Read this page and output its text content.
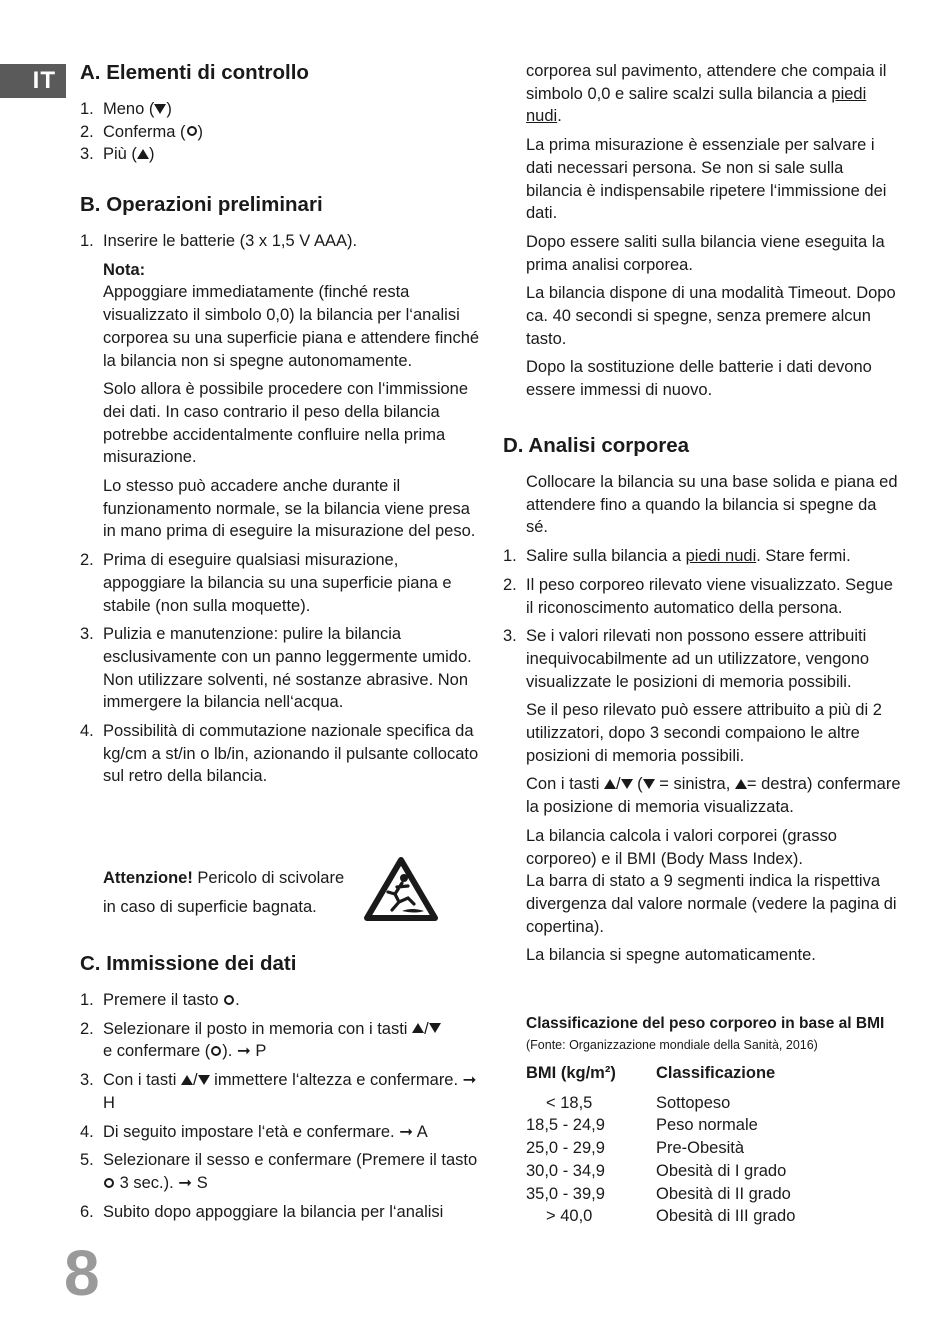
IT
8
A. Elementi di controllo
1. Meno ( )
2. Conferma ( )
3. Più ( )
B. Operazioni preliminari
1. Inserire le batterie (3 x 1,5 V AAA).

Nota:

Appoggiare immediatamente (finché resta visualizzato il simbolo 0,0) la bilancia per l‘analisi corporea su una superficie piana e attendere finché la bilancia non si spegne autonomamente.

Solo allora è possibile procedere con l‘immissione dei dati. In caso contrario il peso della bilancia potrebbe accidentalmente confluire nella prima misurazione.

Lo stesso può accadere anche durante il funzionamento normale, se la bilancia viene presa in mano prima di eseguire la misurazione del peso.

2. Prima di eseguire qualsiasi misurazione, appoggiare la bilancia su una superficie piana e stabile (non sulla moquette).
3. Pulizia e manutenzione: pulire la bilancia esclusivamente con un panno leggermente umido. Non utilizzare solventi, né sostanze abrasive. Non immergere la bilancia nell‘acqua.
4. Possibilità di commutazione nazionale specifica da kg/cm a st/in o lb/in, azionando il pulsante collocato sul retro della bilancia.

Attenzione! Pericolo di scivolare

in caso di superficie bagnata.

C. Immissione dei dati
1. Premere il tasto .
2. Selezionare il posto in memoria con i tasti /
e confermare ( ). ➞ P
3. Con i tasti / immettere l‘altezza e confermare. ➞ H
4. Di seguito impostare l‘età e confermare. ➞ A
5. Selezionare il sesso e confermare (Premere il tasto  3 sec.). ➞ S
6. Subito dopo appoggiare la bilancia per l‘analisi

corporea sul pavimento, attendere che compaia il simbolo 0,0 e salire scalzi sulla bilancia a piedi nudi.

La prima misurazione è essenziale per salvare i dati necessari persona. Se non si sale sulla bilancia è indispensabile ripetere l‘immissione dei dati.

Dopo essere saliti sulla bilancia viene eseguita la prima analisi corporea.

La bilancia dispone di una modalità Timeout. Dopo ca. 40 secondi si spegne, senza premere alcun tasto.

Dopo la sostituzione delle batterie i dati devono essere immessi di nuovo.

D. Analisi corporea

Collocare la bilancia su una base solida e piana ed attendere fino a quando la bilancia si spegne da sé.

1. Salire sulla bilancia a piedi nudi. Stare fermi.
2. Il peso corporeo rilevato viene visualizzato. Segue il riconoscimento automatico della persona.
3. Se i valori rilevati non possono essere attribuiti inequivocabilmente ad un utilizzatore, vengono visualizzate le posizioni di memoria possibili.

Se il peso rilevato può essere attribuito a più di 2 utilizzatori, dopo 3 secondi compaiono le altre posizioni di memoria possibili.

Con i tasti / ( = sinistra, = destra) confermare la posizione di memoria visualizzata.

La bilancia calcola i valori corporei (grasso corporeo) e il BMI (Body Mass Index).

La barra di stato a 9 segmenti indica la rispettiva divergenza dal valore normale (vedere la pagina di copertina).

La bilancia si spegne automaticamente.

Classificazione del peso corporeo in base al BMI

(Fonte: Organizzazione mondiale della Sanità, 2016)

BMI (kg/m²)	Classificazione
< 18,5	Sottopeso
18,5 - 24,9	Peso normale
25,0 - 29,9	Pre-Obesità
30,0 - 34,9	Obesità di I grado
35,0 - 39,9	Obesità di II grado
> 40,0	Obesità di III grado
